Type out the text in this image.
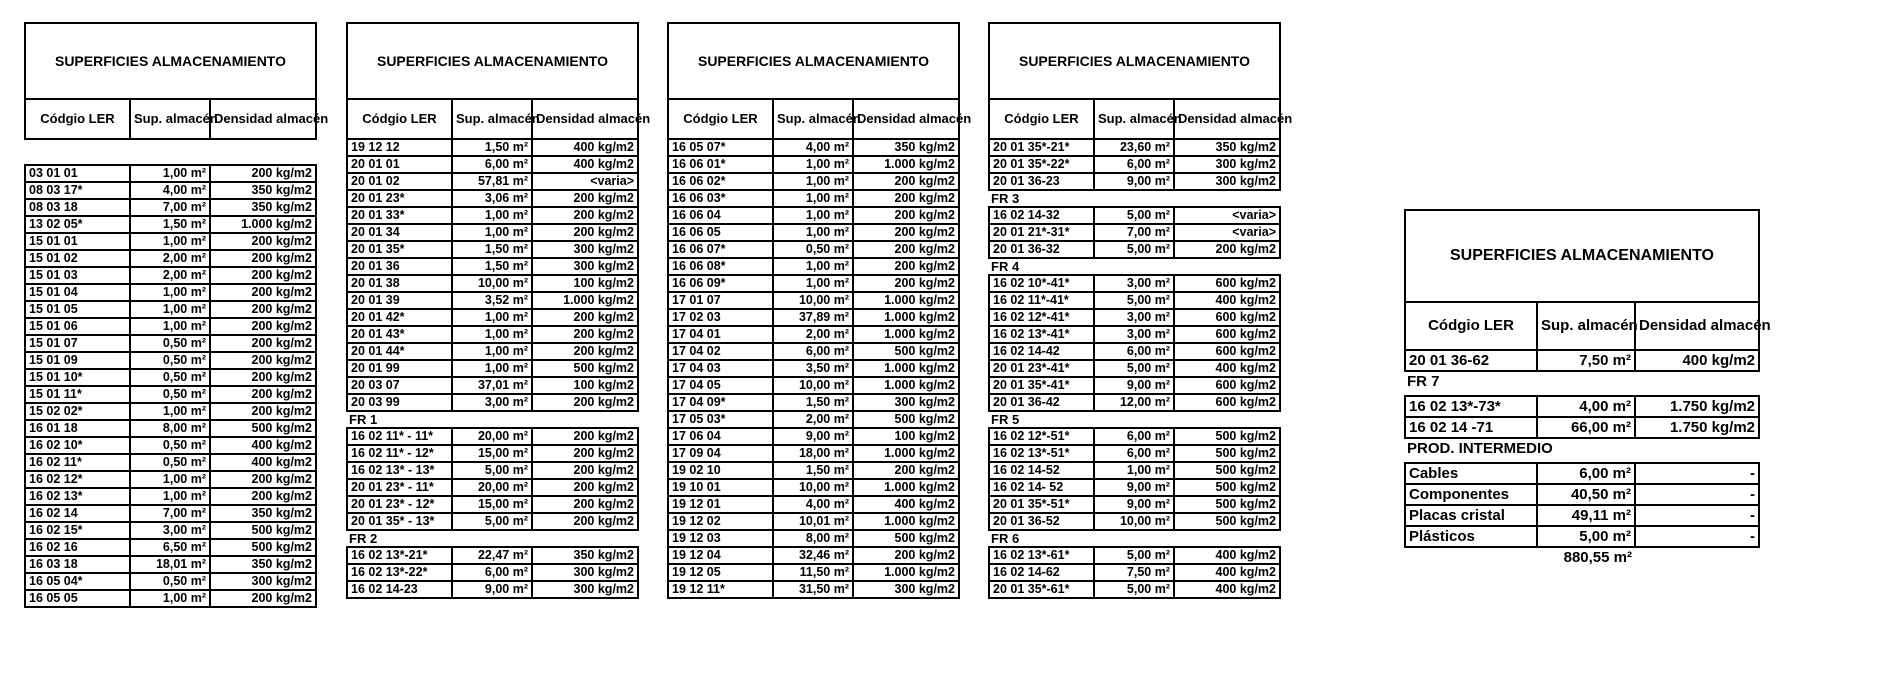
SUPERFICIES ALMACENAMIENTO		
Códgio LER	Sup. almacén	Densidad almacén

03 01 01	1,00 m²	200 kg/m2
08 03 17*	4,00 m²	350 kg/m2
08 03 18	7,00 m²	350 kg/m2
13 02 05*	1,50 m²	1.000 kg/m2
15 01 01	1,00 m²	200 kg/m2
15 01 02	2,00 m²	200 kg/m2
15 01 03	2,00 m²	200 kg/m2
15 01 04	1,00 m²	200 kg/m2
15 01 05	1,00 m²	200 kg/m2
15 01 06	1,00 m²	200 kg/m2
15 01 07	0,50 m²	200 kg/m2
15 01 09	0,50 m²	200 kg/m2
15 01 10*	0,50 m²	200 kg/m2
15 01 11*	0,50 m²	200 kg/m2
15 02 02*	1,00 m²	200 kg/m2
16 01 18	8,00 m²	500 kg/m2
16 02 10*	0,50 m²	400 kg/m2
16 02 11*	0,50 m²	400 kg/m2
16 02 12*	1,00 m²	200 kg/m2
16 02 13*	1,00 m²	200 kg/m2
16 02 14	7,00 m²	350 kg/m2
16 02 15*	3,00 m²	500 kg/m2
16 02 16	6,50 m²	500 kg/m2
16 03 18	18,01 m²	350 kg/m2
16 05 04*	0,50 m²	300 kg/m2
16 05 05	1,00 m²	200 kg/m2
SUPERFICIES ALMACENAMIENTO		
Códgio LER	Sup. almacén	Densidad almacén
19 12 12	1,50 m²	400 kg/m2
20 01 01	6,00 m²	400 kg/m2
20 01 02	57,81 m²	<varia>
20 01 23*	3,06 m²	200 kg/m2
20 01 33*	1,00 m²	200 kg/m2
20 01 34	1,00 m²	200 kg/m2
20 01 35*	1,50 m²	300 kg/m2
20 01 36	1,50 m²	300 kg/m2
20 01 38	10,00 m²	100 kg/m2
20 01 39	3,52 m²	1.000 kg/m2
20 01 42*	1,00 m²	200 kg/m2
20 01 43*	1,00 m²	200 kg/m2
20 01 44*	1,00 m²	200 kg/m2
20 01 99	1,00 m²	500 kg/m2
20 03 07	37,01 m²	100 kg/m2
20 03 99	3,00 m²	200 kg/m2
FR 1		
16 02 11* - 11*	20,00 m²	200 kg/m2
16 02 11* - 12*	15,00 m²	200 kg/m2
16 02 13* - 13*	5,00 m²	200 kg/m2
20 01 23* - 11*	20,00 m²	200 kg/m2
20 01 23* - 12*	15,00 m²	200 kg/m2
20 01 35* - 13*	5,00 m²	200 kg/m2
FR 2		
16 02 13*-21*	22,47 m²	350 kg/m2
16 02 13*-22*	6,00 m²	300 kg/m2
16 02 14-23	9,00 m²	300 kg/m2
SUPERFICIES ALMACENAMIENTO		
Códgio LER	Sup. almacén	Densidad almacén
16 05 07*	4,00 m²	350 kg/m2
16 06 01*	1,00 m²	1.000 kg/m2
16 06 02*	1,00 m²	200 kg/m2
16 06 03*	1,00 m²	200 kg/m2
16 06 04	1,00 m²	200 kg/m2
16 06 05	1,00 m²	200 kg/m2
16 06 07*	0,50 m²	200 kg/m2
16 06 08*	1,00 m²	200 kg/m2
16 06 09*	1,00 m²	200 kg/m2
17 01 07	10,00 m²	1.000 kg/m2
17 02 03	37,89 m²	1.000 kg/m2
17 04 01	2,00 m²	1.000 kg/m2
17 04 02	6,00 m²	500 kg/m2
17 04 03	3,50 m²	1.000 kg/m2
17 04 05	10,00 m²	1.000 kg/m2
17 04 09*	1,50 m²	300 kg/m2
17 05 03*	2,00 m²	500 kg/m2
17 06 04	9,00 m²	100 kg/m2
17 09 04	18,00 m²	1.000 kg/m2
19 02 10	1,50 m²	200 kg/m2
19 10 01	10,00 m²	1.000 kg/m2
19 12 01	4,00 m²	400 kg/m2
19 12 02	10,01 m²	1.000 kg/m2
19 12 03	8,00 m²	500 kg/m2
19 12 04	32,46 m²	200 kg/m2
19 12 05	11,50 m²	1.000 kg/m2
19 12 11*	31,50 m²	300 kg/m2
SUPERFICIES ALMACENAMIENTO		
Códgio LER	Sup. almacén	Densidad almacén
20 01 35*-21*	23,60 m²	350 kg/m2
20 01 35*-22*	6,00 m²	300 kg/m2
20 01 36-23	9,00 m²	300 kg/m2
FR 3		
16 02 14-32	5,00 m²	<varia>
20 01 21*-31*	7,00 m²	<varia>
20 01 36-32	5,00 m²	200 kg/m2
FR 4		
16 02 10*-41*	3,00 m²	600 kg/m2
16 02 11*-41*	5,00 m²	400 kg/m2
16 02 12*-41*	3,00 m²	600 kg/m2
16 02 13*-41*	3,00 m²	600 kg/m2
16 02 14-42	6,00 m²	600 kg/m2
20 01 23*-41*	5,00 m²	400 kg/m2
20 01 35*-41*	9,00 m²	600 kg/m2
20 01 36-42	12,00 m²	600 kg/m2
FR 5		
16 02 12*-51*	6,00 m²	500 kg/m2
16 02 13*-51*	6,00 m²	500 kg/m2
16 02 14-52	1,00 m²	500 kg/m2
16 02 14- 52	9,00 m²	500 kg/m2
20 01 35*-51*	9,00 m²	500 kg/m2
20 01 36-52	10,00 m²	500 kg/m2
FR 6		
16 02 13*-61*	5,00 m²	400 kg/m2
16 02 14-62	7,50 m²	400 kg/m2
20 01 35*-61*	5,00 m²	400 kg/m2
SUPERFICIES ALMACENAMIENTO		
Códgio LER	Sup. almacén	Densidad almacén
20 01 36-62	7,50 m²	400 kg/m2
FR 7		

16 02 13*-73*	4,00 m²	1.750 kg/m2
16 02 14 -71	66,00 m²	1.750 kg/m2
PROD. INTERMEDIO		

Cables	6,00 m²	-
Componentes	40,50 m²	-
Placas cristal	49,11 m²	-
Plásticos	5,00 m²	-
	880,55 m²	
